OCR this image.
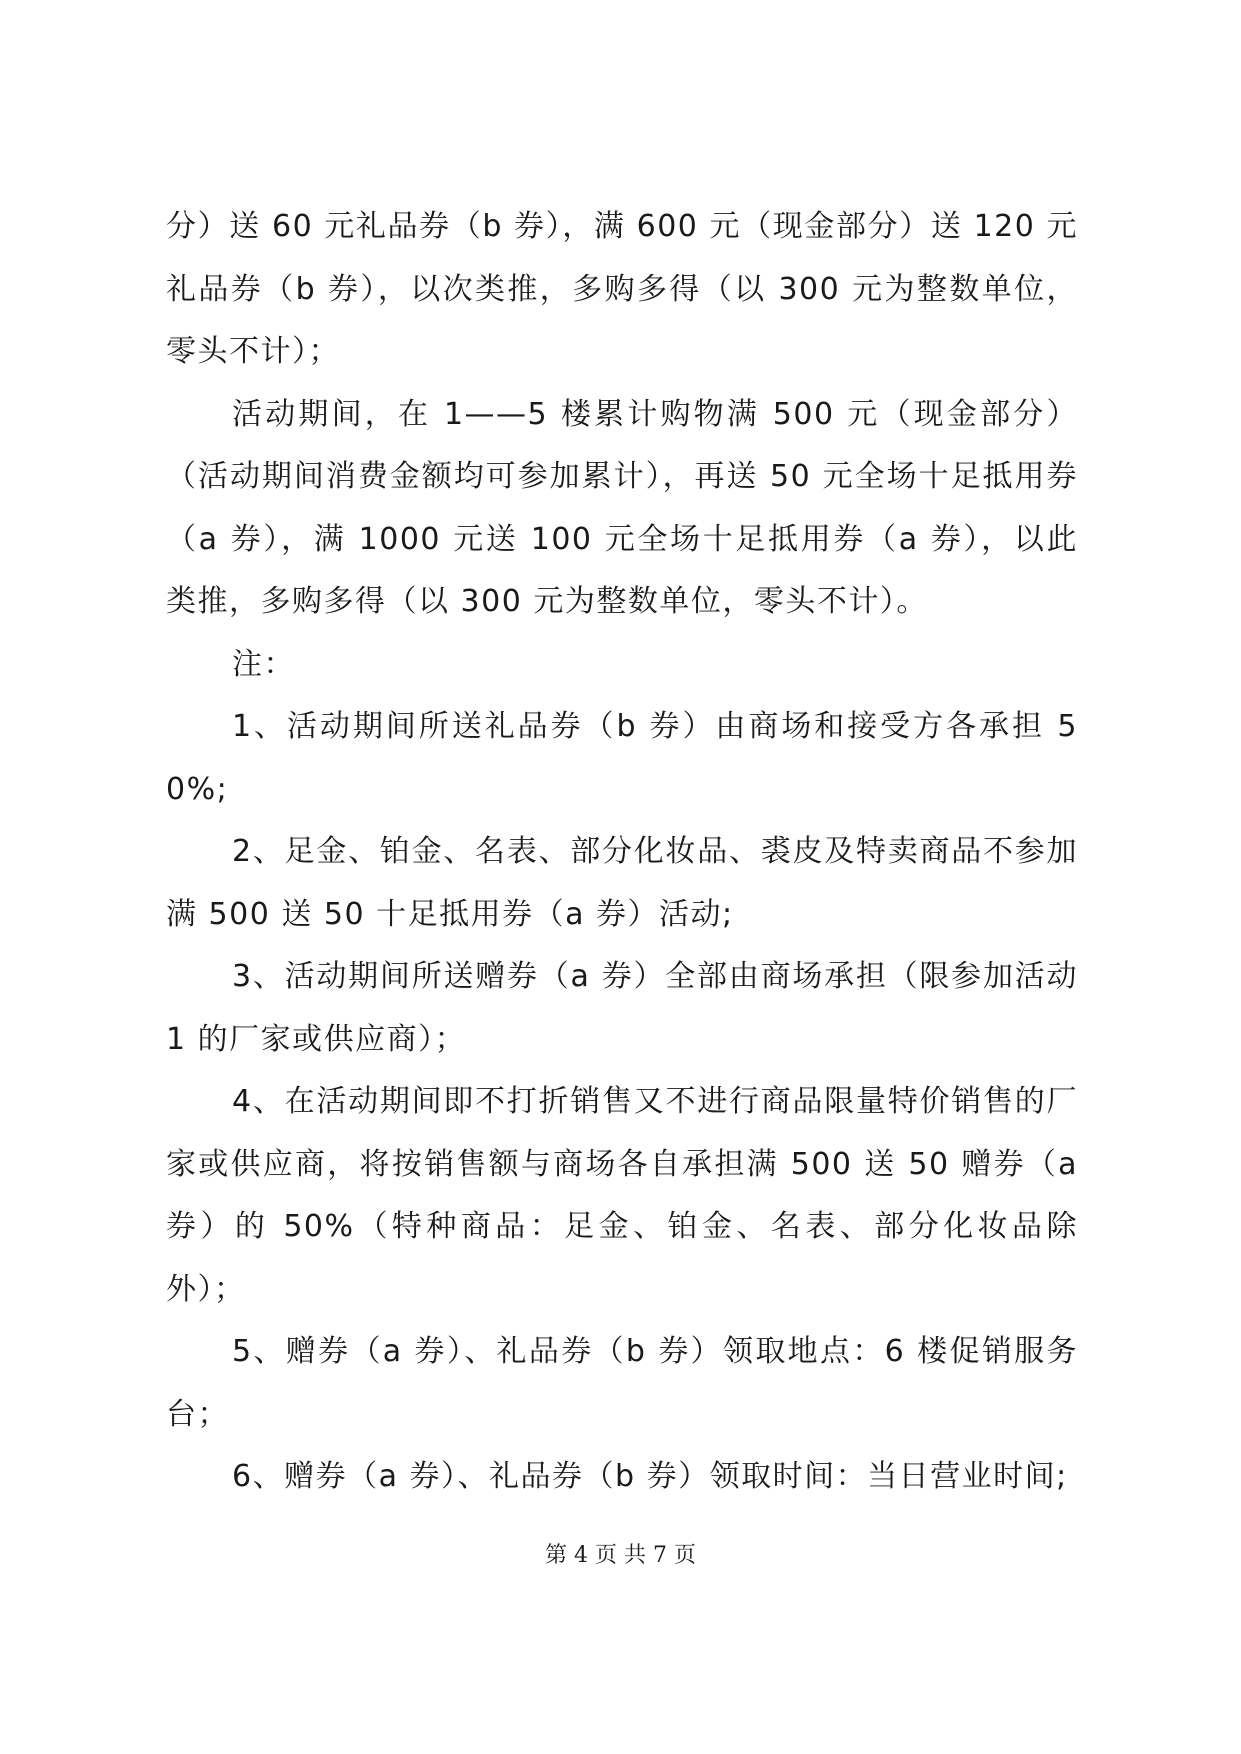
分）送 60 元礼品券（b 券），满 600 元（现金部分）送 120 元礼品券（b 券），以次类推，多购多得（以 300 元为整数单位，零头不计）；

活动期间，在 1——5 楼累计购物满 500 元（现金部分）（活动期间消费金额均可参加累计），再送 50 元全场十足抵用券（a 券），满 1000 元送 100 元全场十足抵用券（a 券），以此类推，多购多得（以 300 元为整数单位，零头不计）。

注：

1、活动期间所送礼品券（b 券）由商场和接受方各承担 50%;

2、足金、铂金、名表、部分化妆品、裘皮及特卖商品不参加满 500 送 50 十足抵用券（a 券）活动;

3、活动期间所送赠券（a 券）全部由商场承担（限参加活动 1 的厂家或供应商）；

4、在活动期间即不打折销售又不进行商品限量特价销售的厂家或供应商，将按销售额与商场各自承担满 500 送 50 赠券（a 券）的 50%（特种商品：足金、铂金、名表、部分化妆品除外）；

5、赠券（a 券）、礼品券（b 券）领取地点：6 楼促销服务台；

6、赠券（a 券）、礼品券（b 券）领取时间：当日营业时间;

第 4 页 共 7 页
